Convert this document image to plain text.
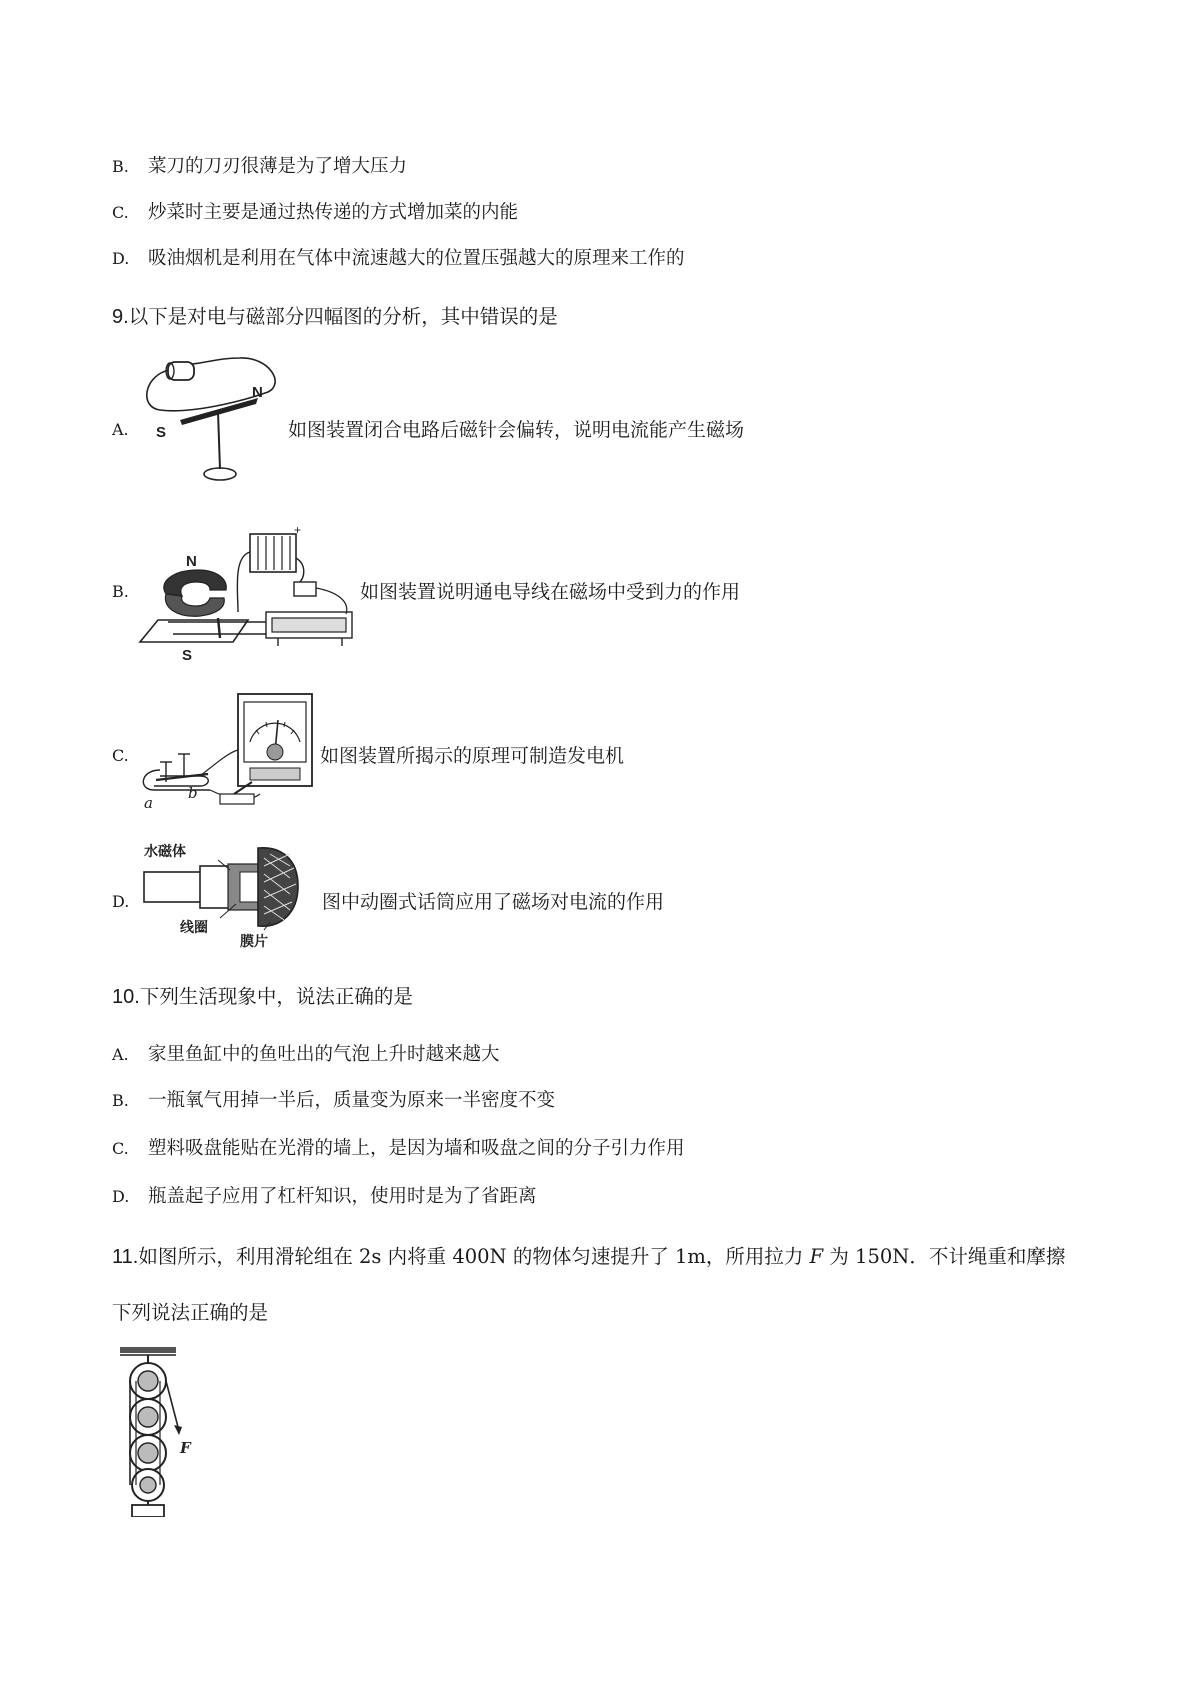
B. 菜刀的刀刃很薄是为了增大压力
C. 炒菜时主要是通过热传递的方式增加菜的内能
D. 吸油烟机是利用在气体中流速越大的位置压强越大的原理来工作的
9.以下是对电与磁部分四幅图的分析，其中错误的是
A. S
N
如图装置闭合电路后磁针会偏转，说明电流能产生磁场
B.
+
N
S
如图装置说明通电导线在磁场中受到力的作用
C.
a
b
如图装置所揭示的原理可制造发电机
D.
水磁体
线圈
膜片
图中动圈式话筒应用了磁场对电流的作用
10.下列生活现象中，说法正确的是
A. 家里鱼缸中的鱼吐出的气泡上升时越来越大
B. 一瓶氧气用掉一半后，质量变为原来一半密度不变
C. 塑料吸盘能贴在光滑的墙上，是因为墙和吸盘之间的分子引力作用
D. 瓶盖起子应用了杠杆知识，使用时是为了省距离
11.如图所示，利用滑轮组在 2s 内将重 400N 的物体匀速提升了 1m，所用拉力 F 为 150N．不计绳重和摩擦
下列说法正确的是
F
